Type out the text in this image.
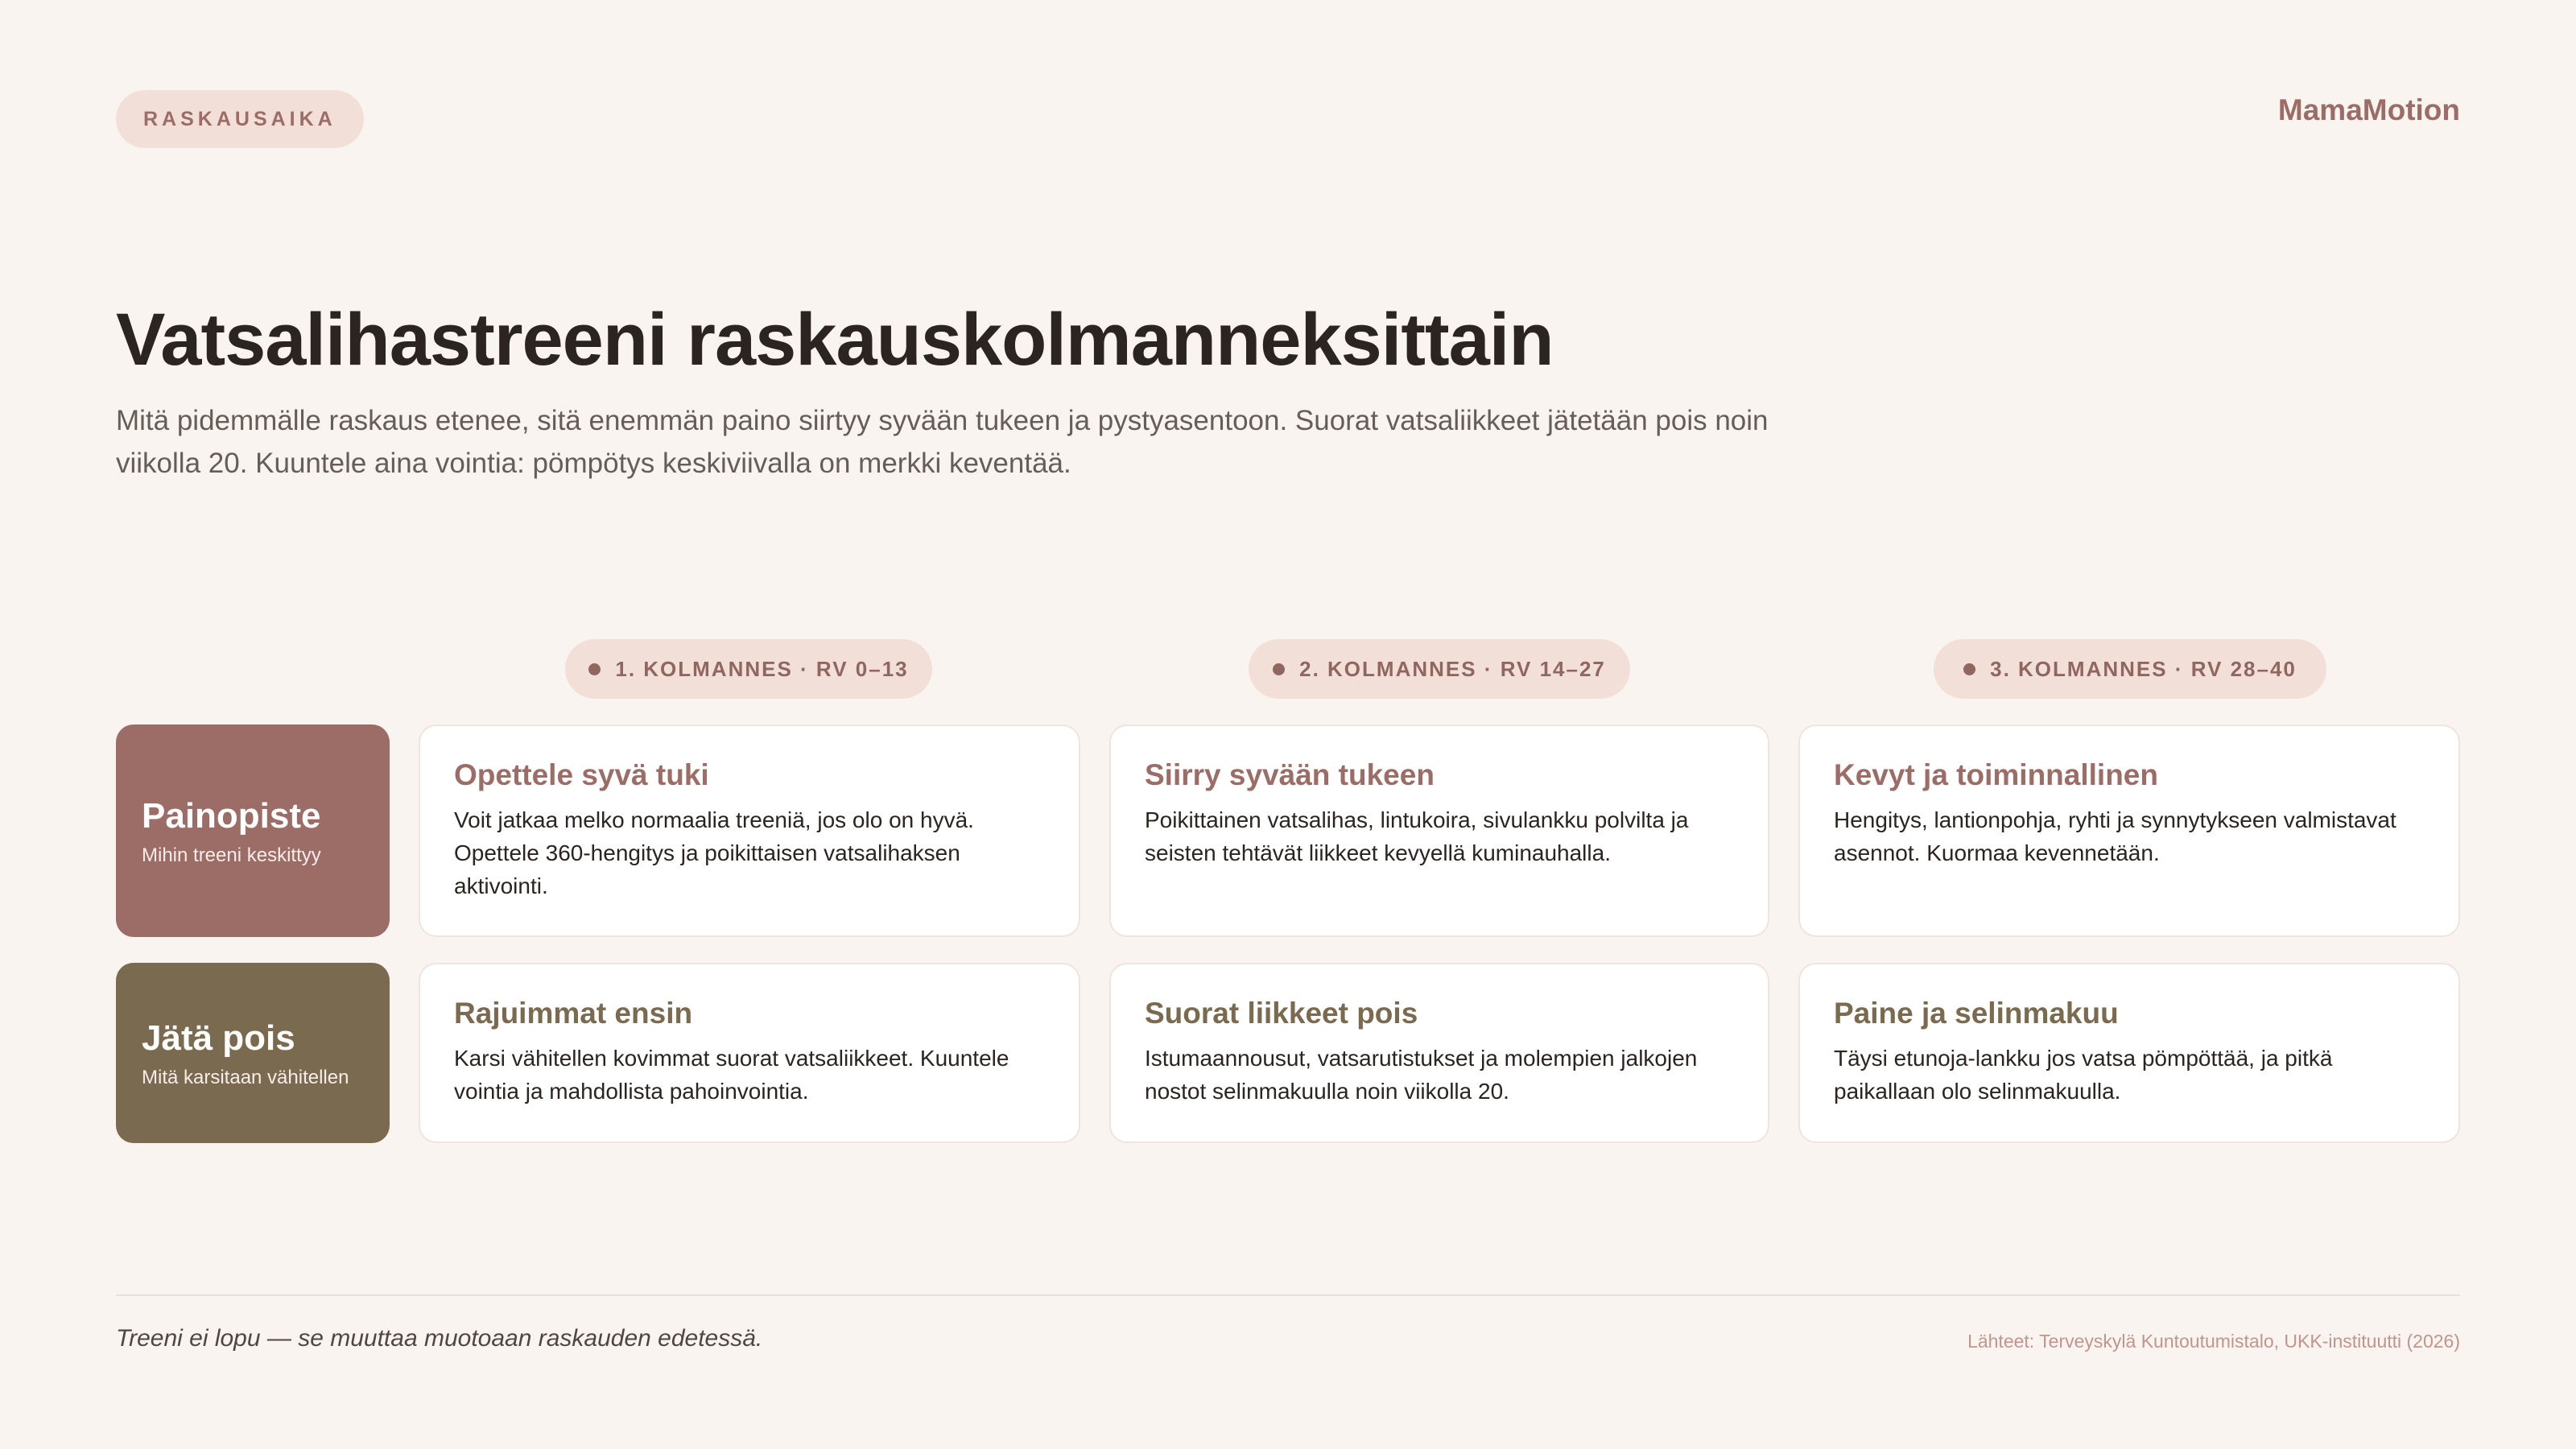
RASKAUSAIKA	MamaMotion
Vatsalihastreeni raskauskolmanneksittain

Mitä pidemmälle raskaus etenee, sitä enemmän paino siirtyy syvään tukeen ja pystyasentoon. Suorat vatsaliikkeet jätetään pois noin viikolla 20. Kuuntele aina vointia: pömpötys keskiviivalla on merkki keventää.

1. KOLMANNES · RV 0–13	2. KOLMANNES · RV 14–27	3. KOLMANNES · RV 28–40
Painopiste
Mihin treeni keskittyy
Opettele syvä tuki
Voit jatkaa melko normaalia treeniä, jos olo on hyvä. Opettele 360-hengitys ja poikittaisen vatsalihaksen aktivointi.
Siirry syvään tukeen
Poikittainen vatsalihas, lintukoira, sivulankku polvilta ja seisten tehtävät liikkeet kevyellä kuminauhalla.
Kevyt ja toiminnallinen
Hengitys, lantionpohja, ryhti ja synnytykseen valmistavat asennot. Kuormaa kevennetään.
Jätä pois
Mitä karsitaan vähitellen
Rajuimmat ensin
Karsi vähitellen kovimmat suorat vatsaliikkeet. Kuuntele vointia ja mahdollista pahoinvointia.
Suorat liikkeet pois
Istumaannousut, vatsarutistukset ja molempien jalkojen nostot selinmakuulla noin viikolla 20.
Paine ja selinmakuu
Täysi etunoja-lankku jos vatsa pömpöttää, ja pitkä paikallaan olo selinmakuulla.
Treeni ei lopu — se muuttaa muotoaan raskauden edetessä.	Lähteet: Terveyskylä Kuntoutumistalo, UKK-instituutti (2026)
